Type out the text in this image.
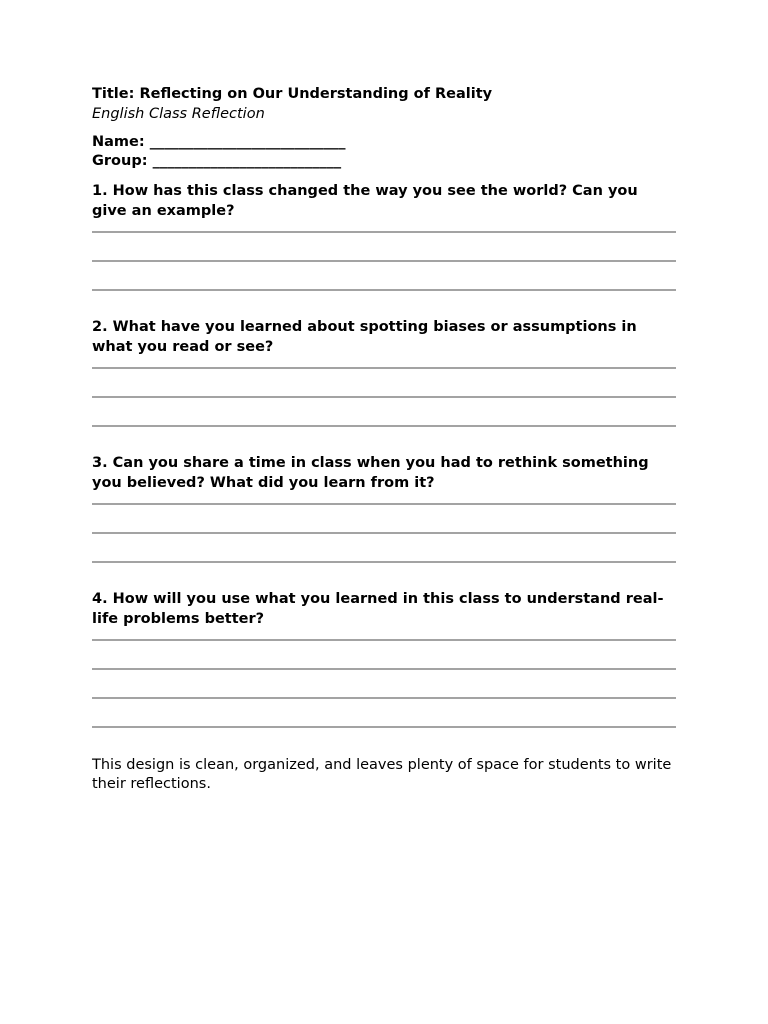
Title: Reflecting on Our Understanding of Reality
English Class Reflection
Name: ___________________________
Group: __________________________
1. How has this class changed the way you see the world? Can you give an example?
2. What have you learned about spotting biases or assumptions in what you read or see?
3. Can you share a time in class when you had to rethink something you believed? What did you learn from it?
4. How will you use what you learned in this class to understand real-life problems better?
This design is clean, organized, and leaves plenty of space for students to write their reflections.
